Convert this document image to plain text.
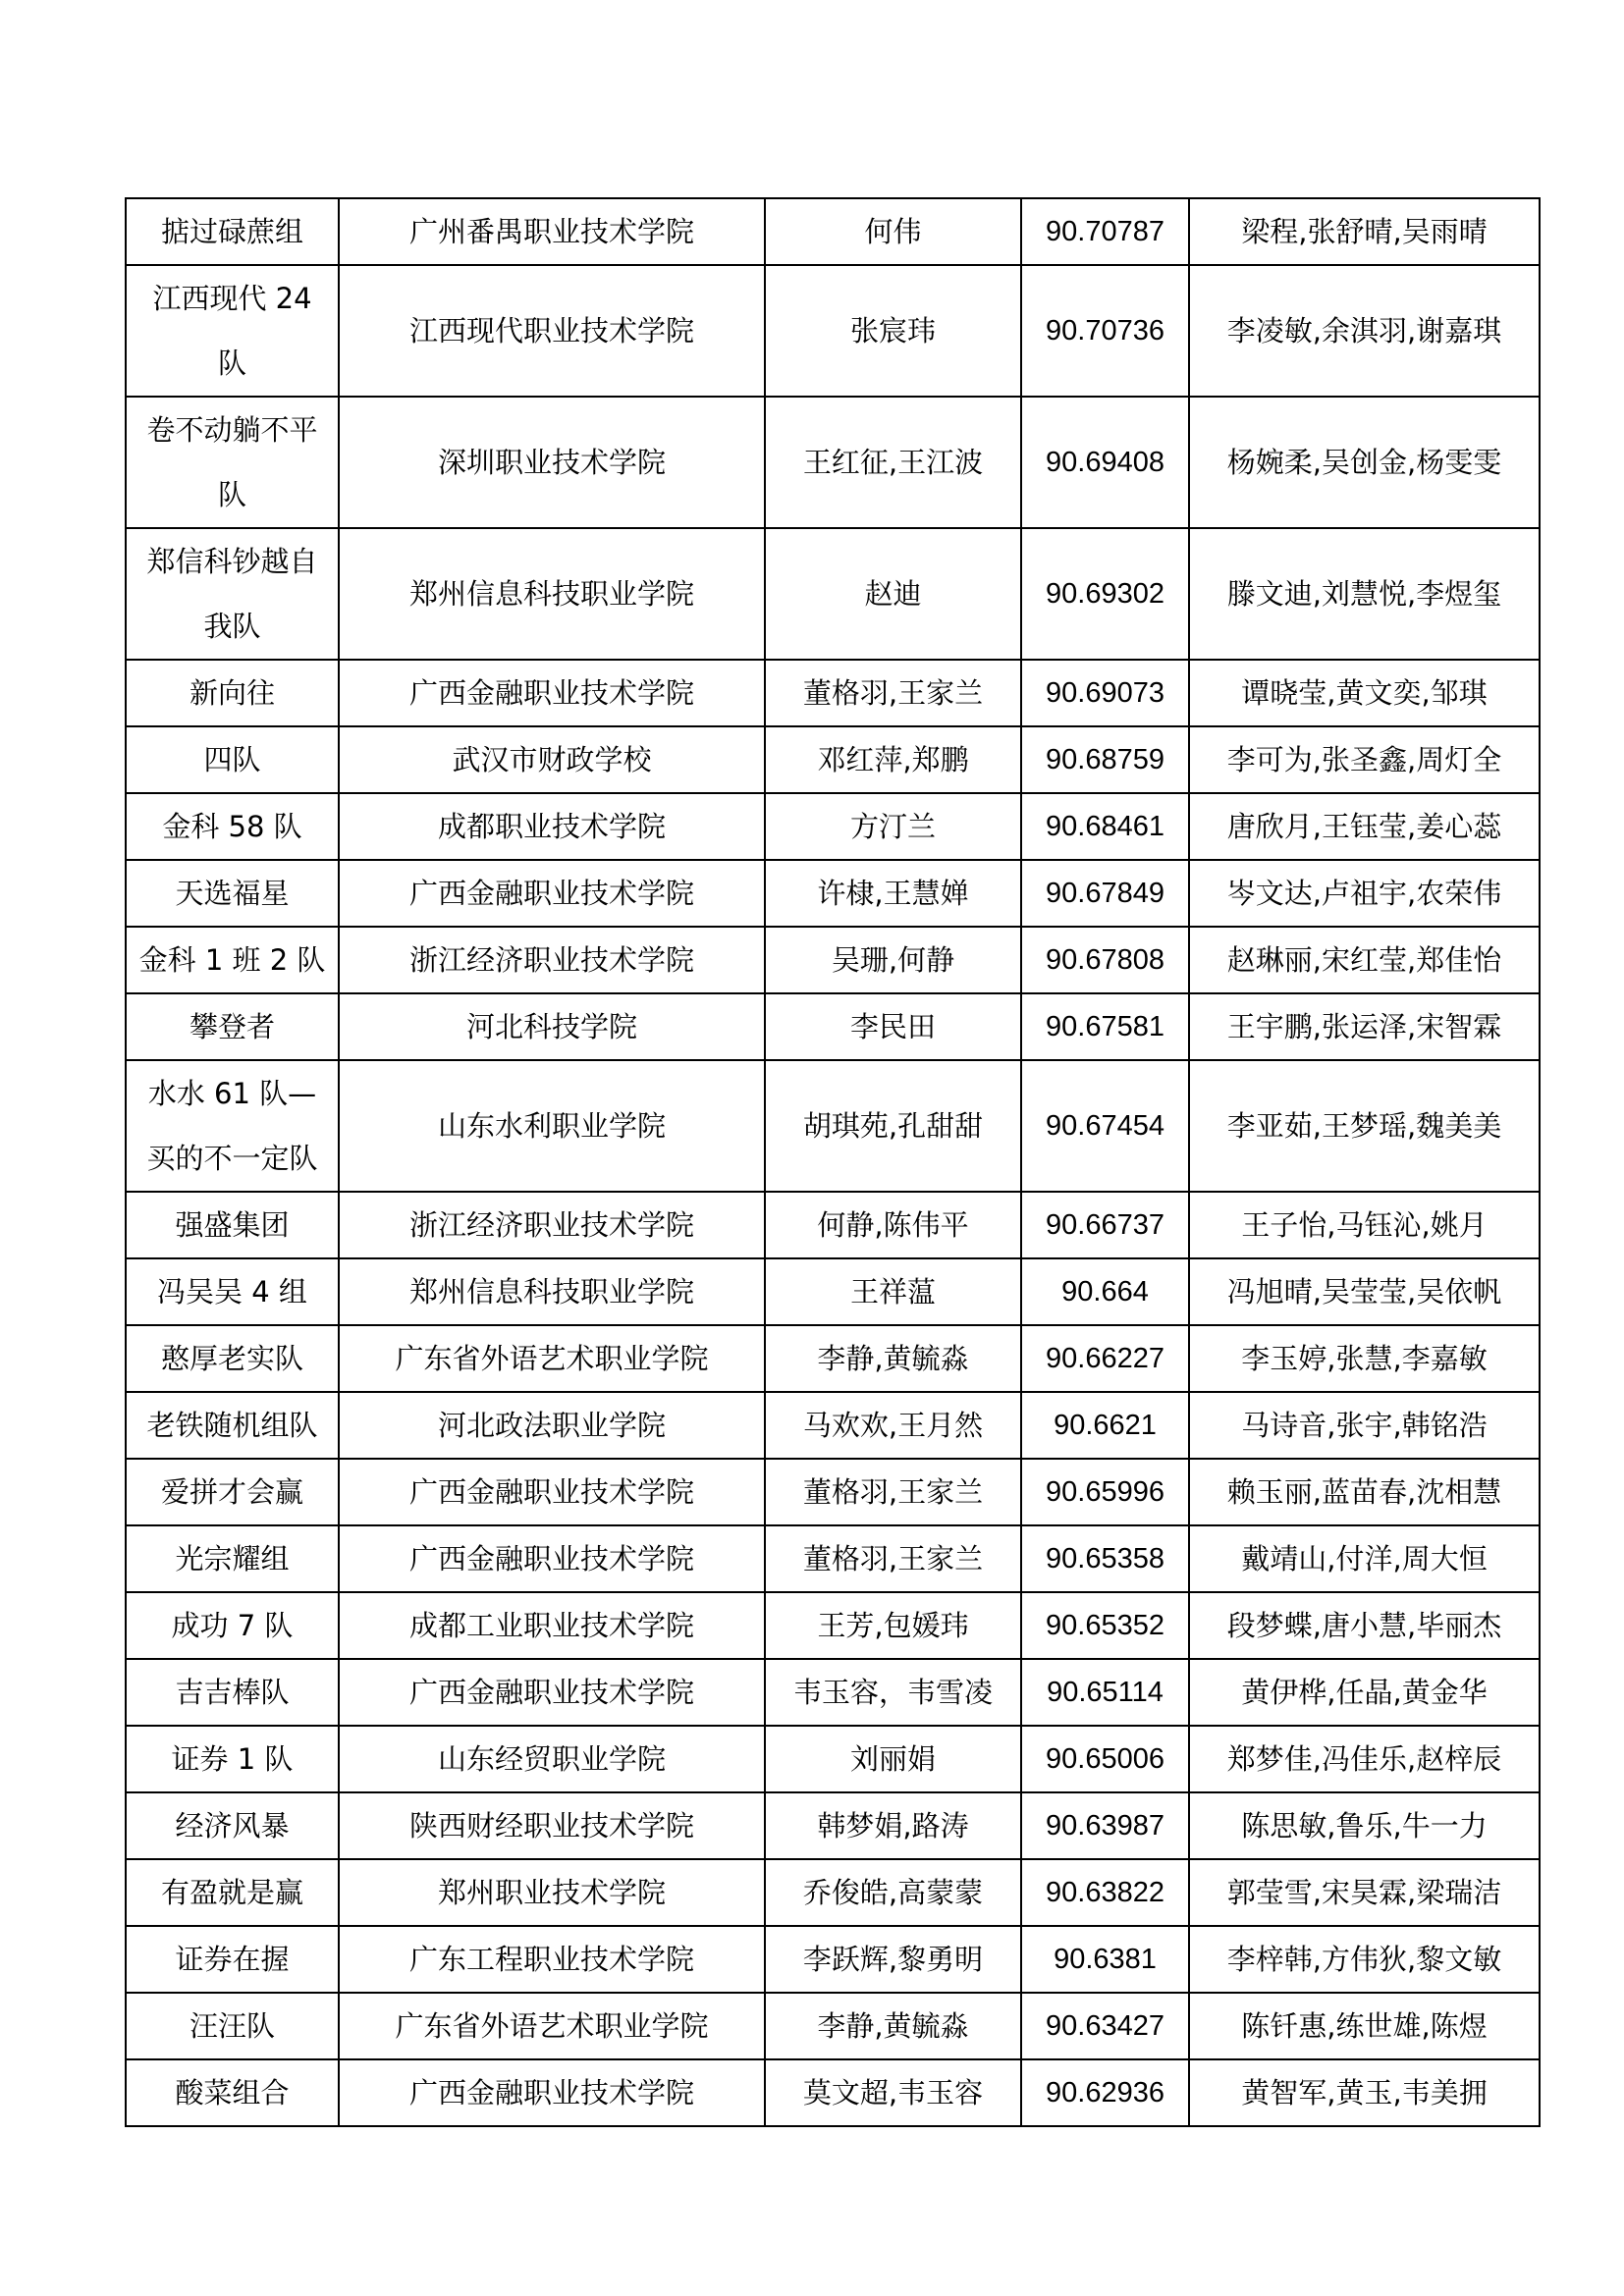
掂过碌蔗组	广州番禺职业技术学院	何伟	90.70787	梁程,张舒晴,吴雨晴
江西现代 24 队	江西现代职业技术学院	张宸玮	90.70736	李凌敏,余淇羽,谢嘉琪
卷不动躺不平队	深圳职业技术学院	王红征,王江波	90.69408	杨婉柔,吴创金,杨雯雯
郑信科钞越自我队	郑州信息科技职业学院	赵迪	90.69302	滕文迪,刘慧悦,李煜玺
新向往	广西金融职业技术学院	董格羽,王家兰	90.69073	谭晓莹,黄文奕,邹琪
四队	武汉市财政学校	邓红萍,郑鹏	90.68759	李可为,张圣鑫,周灯全
金科 58 队	成都职业技术学院	方汀兰	90.68461	唐欣月,王钰莹,姜心蕊
天选福星	广西金融职业技术学院	许棣,王慧婵	90.67849	岑文达,卢祖宇,农荣伟
金科 1 班 2 队	浙江经济职业技术学院	吴珊,何静	90.67808	赵琳丽,宋红莹,郑佳怡
攀登者	河北科技学院	李民田	90.67581	王宇鹏,张运泽,宋智霖
水水 61 队—买的不一定队	山东水利职业学院	胡琪苑,孔甜甜	90.67454	李亚茹,王梦瑶,魏美美
强盛集团	浙江经济职业技术学院	何静,陈伟平	90.66737	王子怡,马钰沁,姚月
冯吴吴 4 组	郑州信息科技职业学院	王祥蕰	90.664	冯旭晴,吴莹莹,吴依帆
憨厚老实队	广东省外语艺术职业学院	李静,黄毓淼	90.66227	李玉婷,张慧,李嘉敏
老铁随机组队	河北政法职业学院	马欢欢,王月然	90.6621	马诗音,张宇,韩铭浩
爱拼才会赢	广西金融职业技术学院	董格羽,王家兰	90.65996	赖玉丽,蓝苗春,沈相慧
光宗耀组	广西金融职业技术学院	董格羽,王家兰	90.65358	戴靖山,付洋,周大恒
成功 7 队	成都工业职业技术学院	王芳,包媛玮	90.65352	段梦蝶,唐小慧,毕丽杰
吉吉棒队	广西金融职业技术学院	韦玉容，韦雪凌	90.65114	黄伊桦,任晶,黄金华
证券 1 队	山东经贸职业学院	刘丽娟	90.65006	郑梦佳,冯佳乐,赵梓辰
经济风暴	陕西财经职业技术学院	韩梦娟,路涛	90.63987	陈思敏,鲁乐,牛一力
有盈就是赢	郑州职业技术学院	乔俊皓,高蒙蒙	90.63822	郭莹雪,宋昊霖,梁瑞洁
证券在握	广东工程职业技术学院	李跃辉,黎勇明	90.6381	李梓韩,方伟狄,黎文敏
汪汪队	广东省外语艺术职业学院	李静,黄毓淼	90.63427	陈钎惠,练世雄,陈煜
酸菜组合	广西金融职业技术学院	莫文超,韦玉容	90.62936	黄智军,黄玉,韦美拥
